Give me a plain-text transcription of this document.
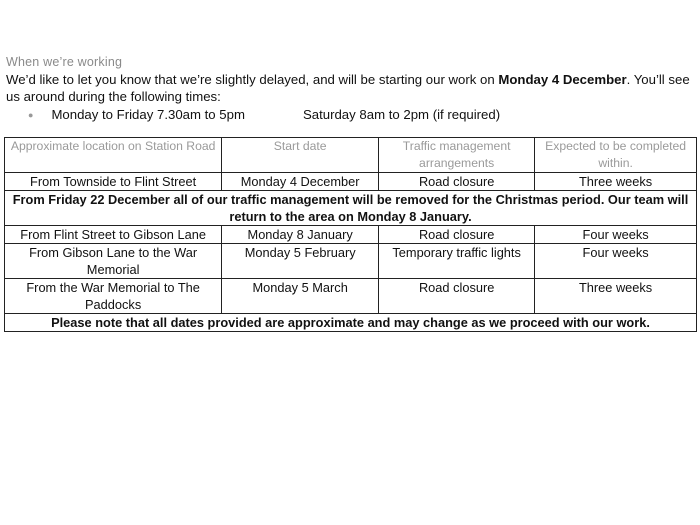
When we’re working
We’d like to let you know that we’re slightly delayed, and will be starting our work on Monday 4 December. You’ll see us around during the following times:
● Monday to Friday 7.30am to 5pm	Saturday 8am to 2pm (if required)
Approximate location on Station Road	Start date	Traffic management arrangements	Expected to be completed within.
From Townside to Flint Street	Monday 4 December	Road closure	Three weeks
From Friday 22 December all of our traffic management will be removed for the Christmas period. Our team will return to the area on Monday 8 January.			
From Flint Street to Gibson Lane	Monday 8 January	Road closure	Four weeks
From Gibson Lane to the War Memorial	Monday 5 February	Temporary traffic lights	Four weeks
From the War Memorial to The Paddocks	Monday 5 March	Road closure	Three weeks
Please note that all dates provided are approximate and may change as we proceed with our work.			
